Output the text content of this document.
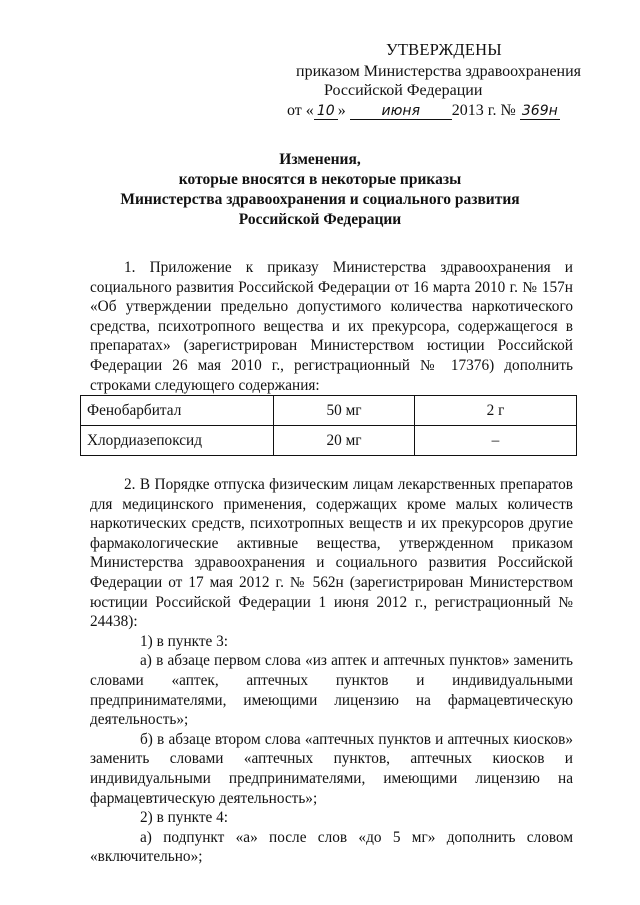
УТВЕРЖДЕНЫ
приказом Министерства здравоохранения
Российской Федерации
от « 10 »	июня 2013 г. № 369н
Изменения,
которые вносятся в некоторые приказы
Министерства здравоохранения и социального развития
Российской Федерации

1. Приложение к приказу Министерства здравоохранения и социального развития Российской Федерации от 16 марта 2010 г. № 157н «Об утверждении предельно допустимого количества наркотического средства, психотропного вещества и их прекурсора, содержащегося в препаратах» (зарегистрирован Министерством юстиции Российской Федерации 26 мая 2010 г., регистрационный № 17376) дополнить строками следующего содержания:

Фенобарбитал	50 мг	2 г
Хлордиазепоксид	20 мг	–

2. В Порядке отпуска физическим лицам лекарственных препаратов для медицинского применения, содержащих кроме малых количеств наркотических средств, психотропных веществ и их прекурсоров другие фармакологические активные вещества, утвержденном приказом Министерства здравоохранения и социального развития Российской Федерации от 17 мая 2012 г. № 562н (зарегистрирован Министерством юстиции Российской Федерации 1 июня 2012 г., регистрационный № 24438):

1) в пункте 3:

а) в абзаце первом слова «из аптек и аптечных пунктов» заменить словами «аптек, аптечных пунктов и индивидуальными предпринимателями, имеющими лицензию на фармацевтическую деятельность»;

б) в абзаце втором слова «аптечных пунктов и аптечных киосков» заменить словами «аптечных пунктов, аптечных киосков и индивидуальными предпринимателями, имеющими лицензию на фармацевтическую деятельность»;

2) в пункте 4:

а) подпункт «а» после слов «до 5 мг» дополнить словом «включительно»;
